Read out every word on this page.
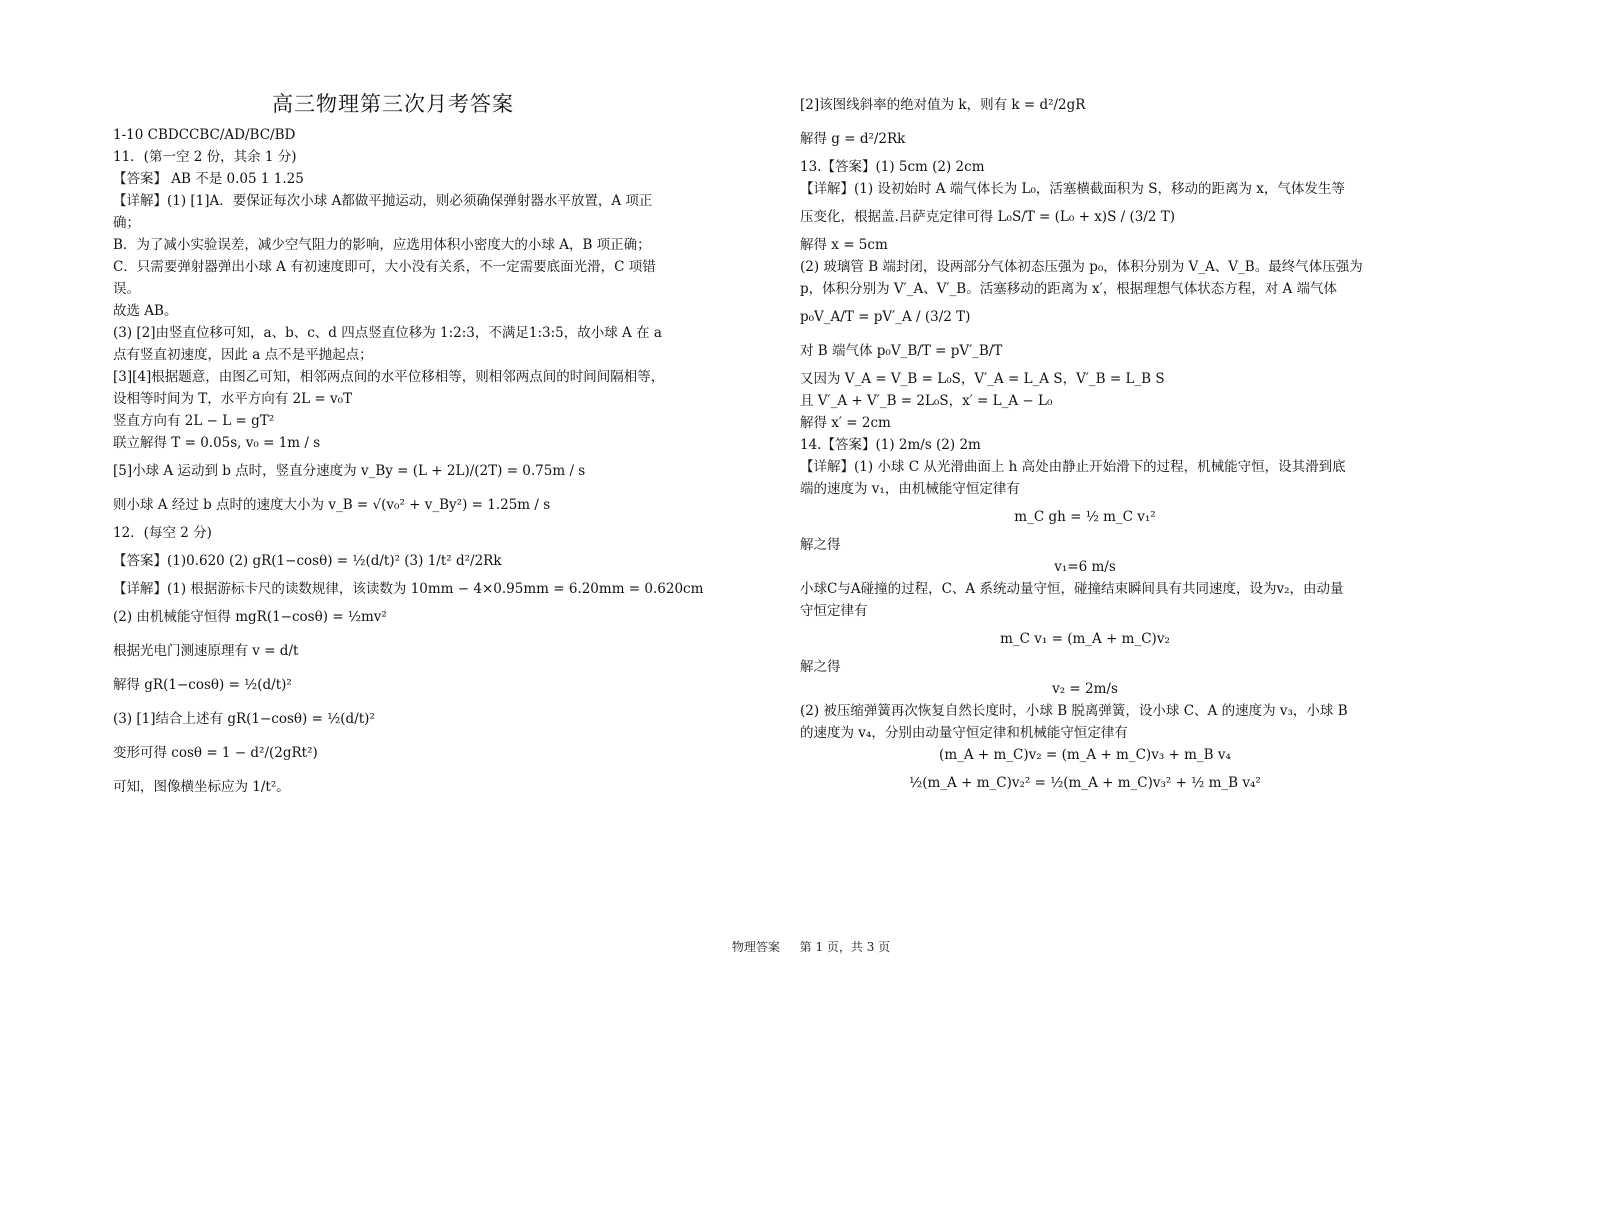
高三物理第三次月考答案
1-10 CBDCCBC/AD/BC/BD
11．(第一空 2 份，其余 1 分)
【答案】 AB 不是 0.05 1 1.25
【详解】(1) [1]A．要保证每次小球 A都做平抛运动，则必须确保弹射器水平放置，A 项正确；
B．为了减小实验误差，减少空气阻力的影响，应选用体积小密度大的小球 A，B 项正确；
C．只需要弹射器弹出小球 A 有初速度即可，大小没有关系，不一定需要底面光滑，C 项错误。
故选 AB。
(3) [2]由竖直位移可知，a、b、c、d 四点竖直位移为 1:2:3，不满足1:3:5，故小球 A 在 a 点有竖直初速度，因此 a 点不是平抛起点；
[3][4]根据题意，由图乙可知，相邻两点间的水平位移相等，则相邻两点间的时间间隔相等，
设相等时间为 T，水平方向有 2L = v₀T
竖直方向有 2L − L = gT²
联立解得 T = 0.05s, v₀ = 1m / s
[5]小球 A 运动到 b 点时，竖直分速度为 v_By = (L + 2L)/(2T) = 0.75m / s
则小球 A 经过 b 点时的速度大小为 v_B = √(v₀² + v_By²) = 1.25m / s
12．(每空 2 分)
【答案】(1)0.620 (2) gR(1−cosθ) = ½(d/t)² (3) 1/t² d²/2Rk
【详解】(1) 根据游标卡尺的读数规律，该读数为 10mm − 4×0.95mm = 6.20mm = 0.620cm
(2) 由机械能守恒得 mgR(1−cosθ) = ½mv²
根据光电门测速原理有 v = d/t
解得 gR(1−cosθ) = ½(d/t)²
(3) [1]结合上述有 gR(1−cosθ) = ½(d/t)²
变形可得 cosθ = 1 − d²/(2gRt²)
可知，图像横坐标应为 1/t²。
[2]该图线斜率的绝对值为 k，则有 k = d²/2gR
解得 g = d²/2Rk
13.【答案】(1) 5cm (2) 2cm
【详解】(1) 设初始时 A 端气体长为 L₀，活塞横截面积为 S，移动的距离为 x，气体发生等
压变化，根据盖.吕萨克定律可得 L₀S/T = (L₀ + x)S / (3/2 T)
解得 x = 5cm
(2) 玻璃管 B 端封闭，设两部分气体初态压强为 p₀，体积分别为 V_A、V_B。最终气体压强为
p，体积分别为 V′_A、V′_B。活塞移动的距离为 x′，根据理想气体状态方程，对 A 端气体
p₀V_A/T = pV′_A / (3/2 T)
对 B 端气体 p₀V_B/T = pV′_B/T
又因为 V_A = V_B = L₀S，V′_A = L_A S，V′_B = L_B S
且 V′_A + V′_B = 2L₀S，x′ = L_A − L₀
解得 x′ = 2cm
14.【答案】(1) 2m/s (2) 2m
【详解】(1) 小球 C 从光滑曲面上 h 高处由静止开始滑下的过程，机械能守恒，设其滑到底
端的速度为 v₁，由机械能守恒定律有
m_C gh = ½ m_C v₁²
解之得
v₁=6 m/s
小球C与A碰撞的过程，C、A 系统动量守恒，碰撞结束瞬间具有共同速度，设为v₂，由动量
守恒定律有
m_C v₁ = (m_A + m_C)v₂
解之得
v₂ = 2m/s
(2) 被压缩弹簧再次恢复自然长度时，小球 B 脱离弹簧，设小球 C、A 的速度为 v₃，小球 B
的速度为 v₄，分别由动量守恒定律和机械能守恒定律有
(m_A + m_C)v₂ = (m_A + m_C)v₃ + m_B v₄
½(m_A + m_C)v₂² = ½(m_A + m_C)v₃² + ½ m_B v₄²
物理答案 第 1 页，共 3 页
